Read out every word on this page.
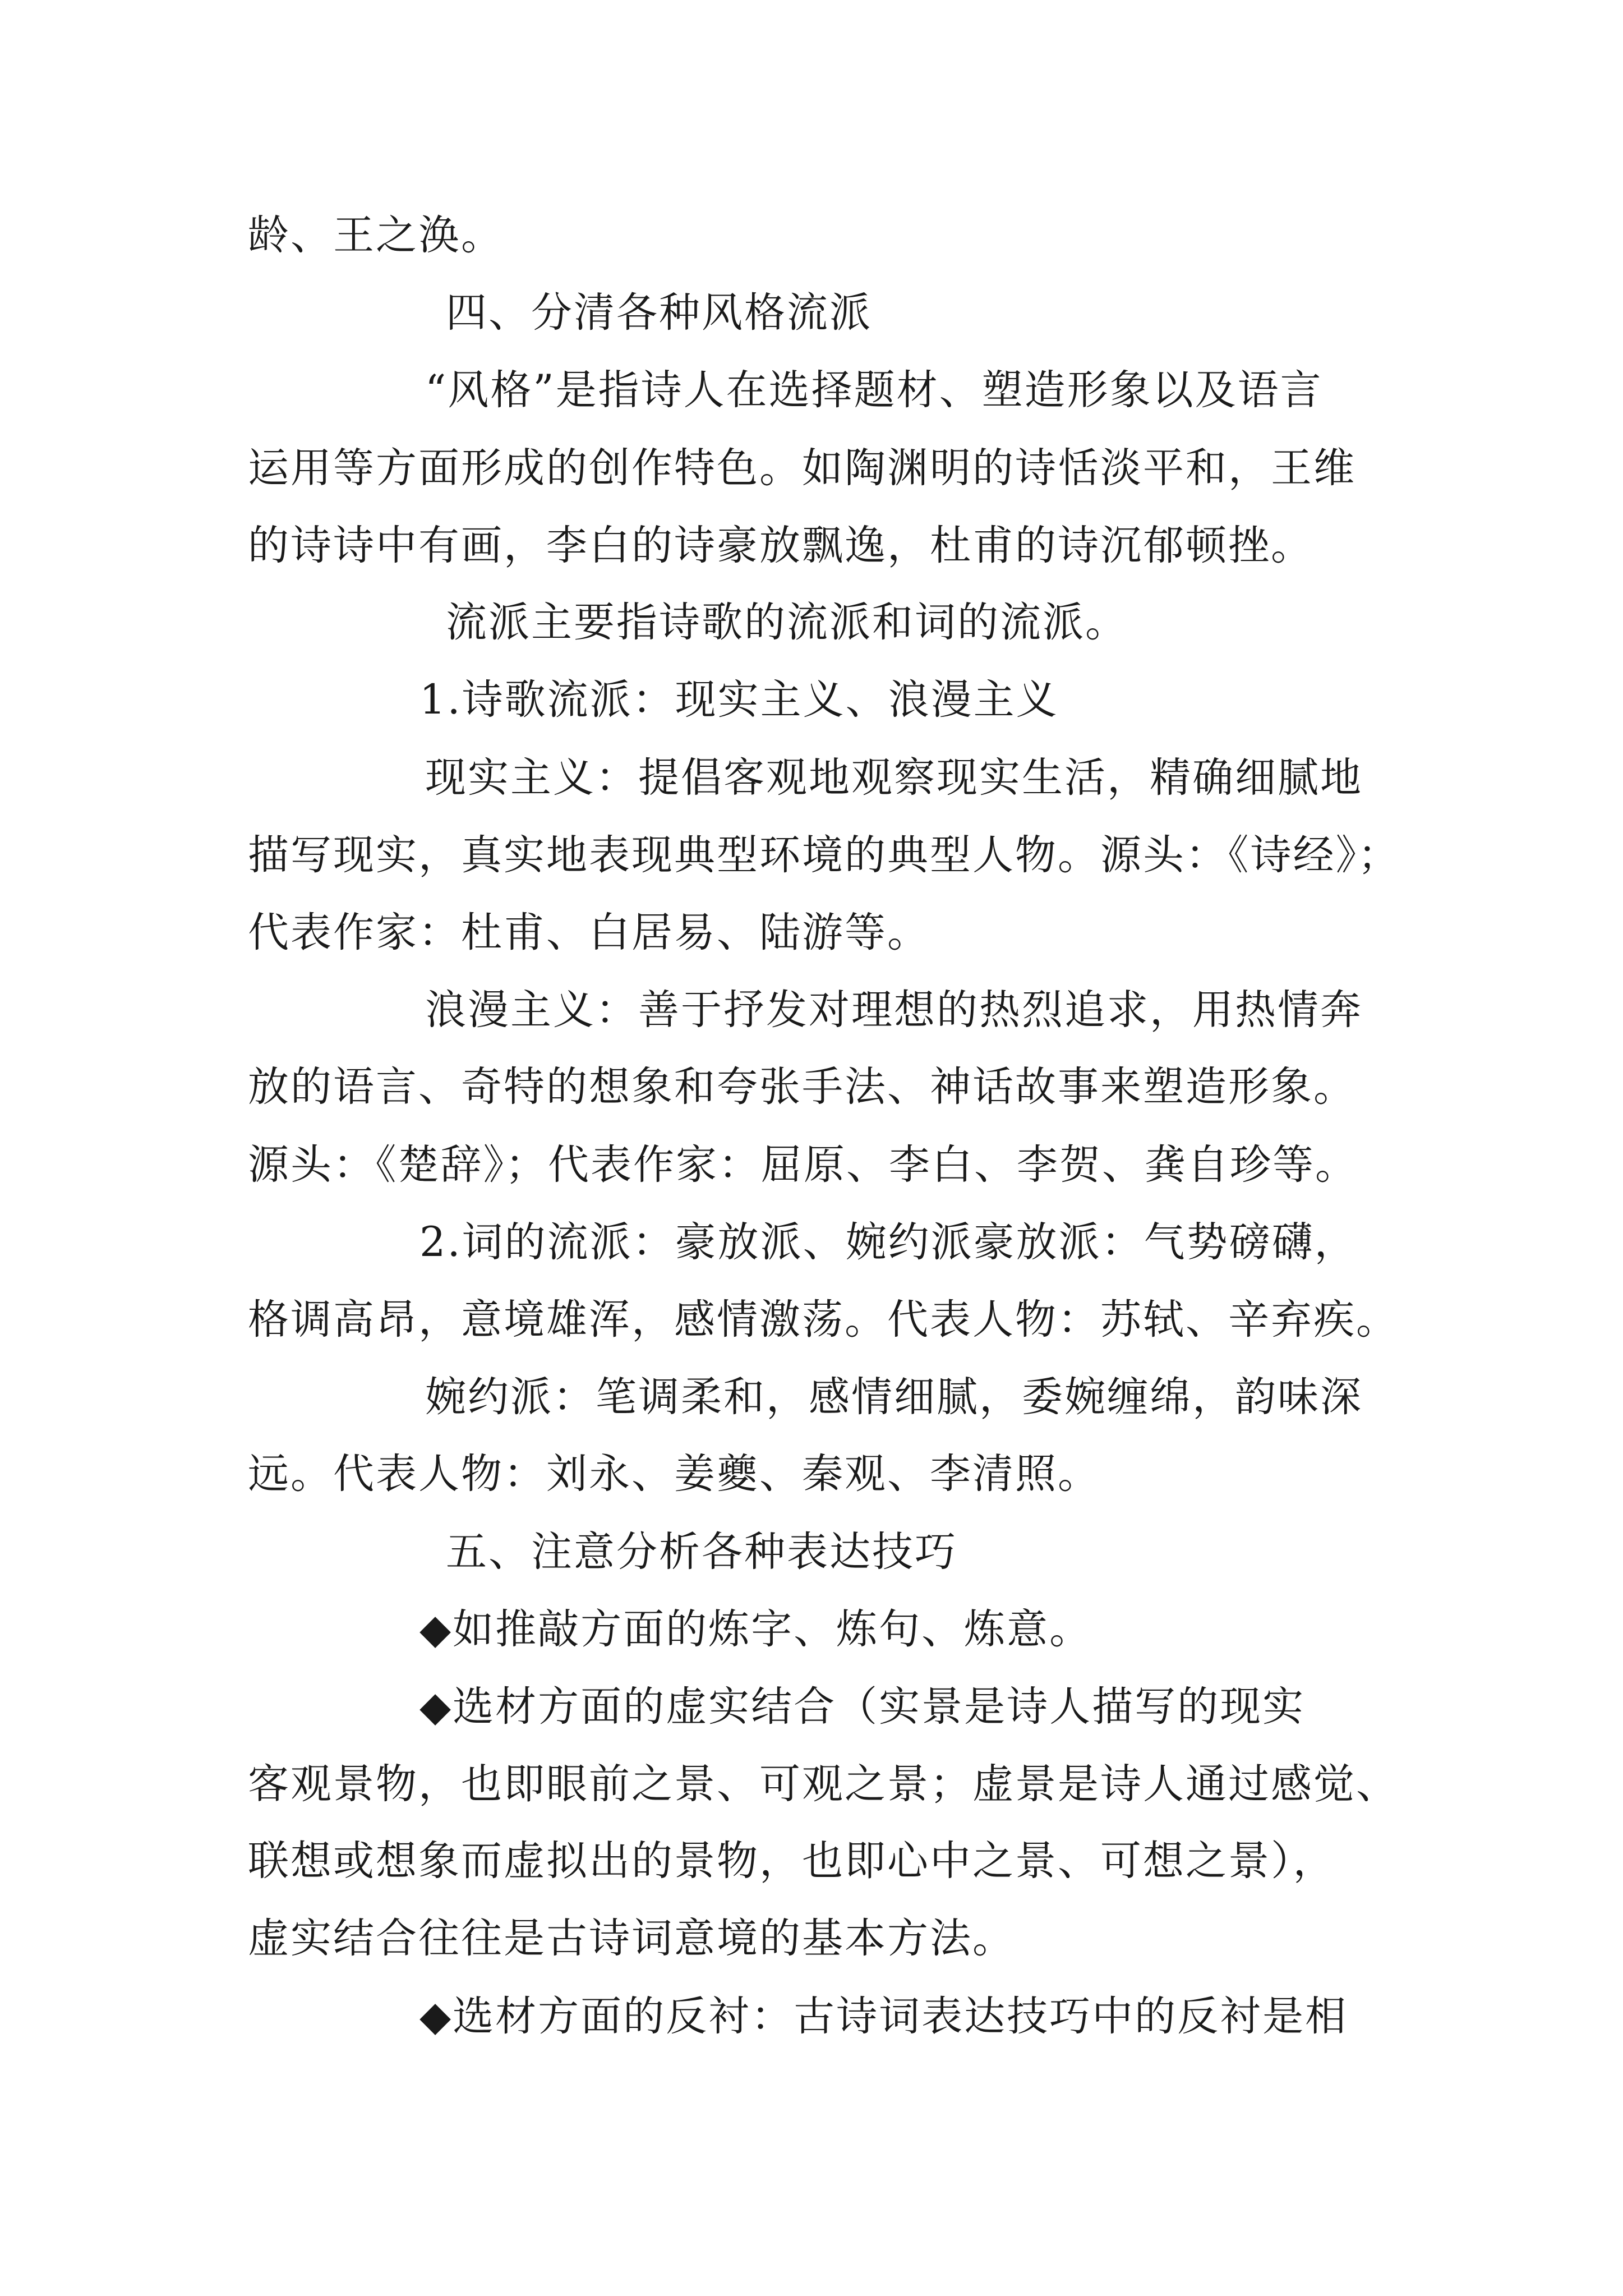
龄、王之涣。

四、分清各种风格流派

“风格”是指诗人在选择题材、塑造形象以及语言

运用等方面形成的创作特色。如陶渊明的诗恬淡平和，王维

的诗诗中有画，李白的诗豪放飘逸，杜甫的诗沉郁顿挫。

流派主要指诗歌的流派和词的流派。

1.诗歌流派：现实主义、浪漫主义

现实主义：提倡客观地观察现实生活，精确细腻地

描写现实，真实地表现典型环境的典型人物。源头：《诗经》；

代表作家：杜甫、白居易、陆游等。

浪漫主义：善于抒发对理想的热烈追求，用热情奔

放的语言、奇特的想象和夸张手法、神话故事来塑造形象。

源头：《楚辞》；代表作家：屈原、李白、李贺、龚自珍等。

2.词的流派：豪放派、婉约派豪放派：气势磅礴，

格调高昂，意境雄浑，感情激荡。代表人物：苏轼、辛弃疾。

婉约派：笔调柔和，感情细腻，委婉缠绵，韵味深

远。代表人物：刘永、姜夔、秦观、李清照。

五、注意分析各种表达技巧

◆如推敲方面的炼字、炼句、炼意。

◆选材方面的虚实结合（实景是诗人描写的现实

客观景物，也即眼前之景、可观之景；虚景是诗人通过感觉、

联想或想象而虚拟出的景物，也即心中之景、可想之景），

虚实结合往往是古诗词意境的基本方法。

◆选材方面的反衬：古诗词表达技巧中的反衬是相
